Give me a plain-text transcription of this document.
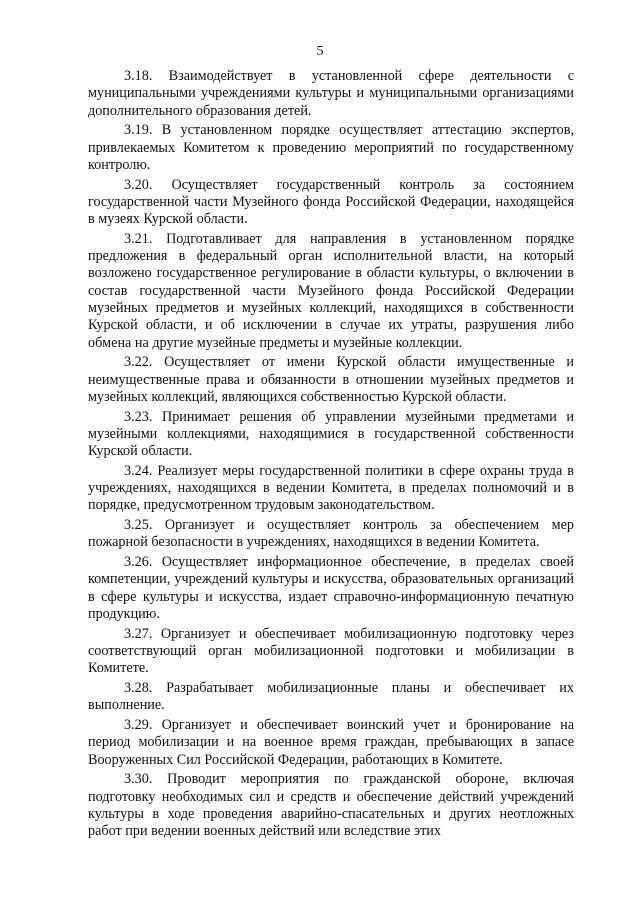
5

3.18. Взаимодействует в установленной сфере деятельности с муниципальными учреждениями культуры и муниципальными организациями дополнительного образования детей.

3.19. В установленном порядке осуществляет аттестацию экспертов, привлекаемых Комитетом к проведению мероприятий по государственному контролю.

3.20. Осуществляет государственный контроль за состоянием государственной части Музейного фонда Российской Федерации, находящейся в музеях Курской области.

3.21. Подготавливает для направления в установленном порядке предложения в федеральный орган исполнительной власти, на который возложено государственное регулирование в области культуры, о включении в состав государственной части Музейного фонда Российской Федерации музейных предметов и музейных коллекций, находящихся в собственности Курской области, и об исключении в случае их утраты, разрушения либо обмена на другие музейные предметы и музейные коллекции.

3.22. Осуществляет от имени Курской области имущественные и неимущественные права и обязанности в отношении музейных предметов и музейных коллекций, являющихся собственностью Курской области.

3.23. Принимает решения об управлении музейными предметами и музейными коллекциями, находящимися в государственной собственности Курской области.

3.24. Реализует меры государственной политики в сфере охраны труда в учреждениях, находящихся в ведении Комитета, в пределах полномочий и в порядке, предусмотренном трудовым законодательством.

3.25. Организует и осуществляет контроль за обеспечением мер пожарной безопасности в учреждениях, находящихся в ведении Комитета.

3.26. Осуществляет информационное обеспечение, в пределах своей компетенции, учреждений культуры и искусства, образовательных организаций в сфере культуры и искусства, издает справочно-информационную печатную продукцию.

3.27. Организует и обеспечивает мобилизационную подготовку через соответствующий орган мобилизационной подготовки и мобилизации в Комитете.

3.28. Разрабатывает мобилизационные планы и обеспечивает их выполнение.

3.29. Организует и обеспечивает воинский учет и бронирование на период мобилизации и на военное время граждан, пребывающих в запасе Вооруженных Сил Российской Федерации, работающих в Комитете.

3.30. Проводит мероприятия по гражданской обороне, включая подготовку необходимых сил и средств и обеспечение действий учреждений культуры в ходе проведения аварийно-спасательных и других неотложных работ при ведении военных действий или вследствие этих
